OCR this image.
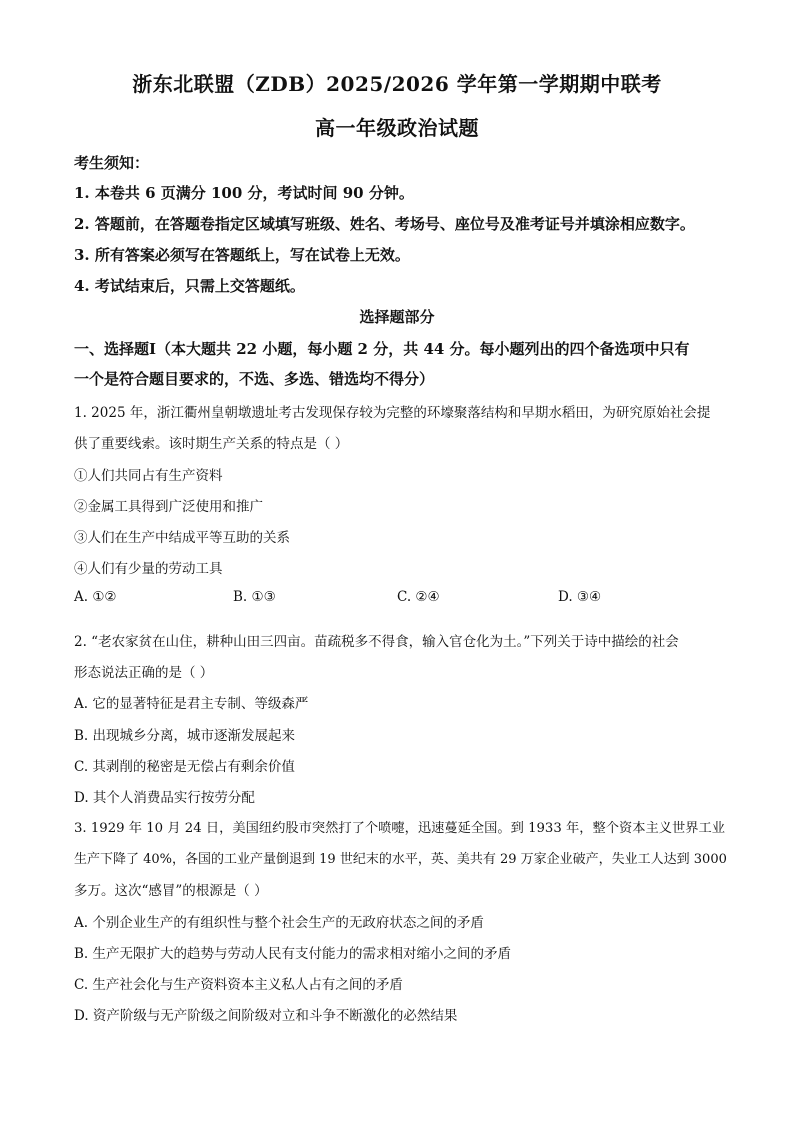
浙东北联盟（ZDB）2025/2026 学年第一学期期中联考
高一年级政治试题
考生须知：
1. 本卷共 6 页满分 100 分，考试时间 90 分钟。
2. 答题前，在答题卷指定区域填写班级、姓名、考场号、座位号及准考证号并填涂相应数字。
3. 所有答案必须写在答题纸上，写在试卷上无效。
4. 考试结束后，只需上交答题纸。
选择题部分
一、选择题Ⅰ（本大题共 22 小题，每小题 2 分，共 44 分。每小题列出的四个备选项中只有
一个是符合题目要求的，不选、多选、错选均不得分）
1. 2025 年，浙江衢州皇朝墩遗址考古发现保存较为完整的环壕聚落结构和早期水稻田，为研究原始社会提
供了重要线索。该时期生产关系的特点是（ ）
①人们共同占有生产资料
②金属工具得到广泛使用和推广
③人们在生产中结成平等互助的关系
④人们有少量的劳动工具
A. ①②	B. ①③	C. ②④	D. ③④
2. “老农家贫在山住，耕种山田三四亩。苗疏税多不得食，输入官仓化为土。”下列关于诗中描绘的社会
形态说法正确的是（ ）
A. 它的显著特征是君主专制、等级森严
B. 出现城乡分离，城市逐渐发展起来
C. 其剥削的秘密是无偿占有剩余价值
D. 其个人消费品实行按劳分配
3. 1929 年 10 月 24 日，美国纽约股市突然打了个喷嚏，迅速蔓延全国。到 1933 年，整个资本主义世界工业
生产下降了 40%，各国的工业产量倒退到 19 世纪末的水平，英、美共有 29 万家企业破产，失业工人达到 3000
多万。这次“感冒”的根源是（ ）
A. 个别企业生产的有组织性与整个社会生产的无政府状态之间的矛盾
B. 生产无限扩大的趋势与劳动人民有支付能力的需求相对缩小之间的矛盾
C. 生产社会化与生产资料资本主义私人占有之间的矛盾
D. 资产阶级与无产阶级之间阶级对立和斗争不断激化的必然结果
